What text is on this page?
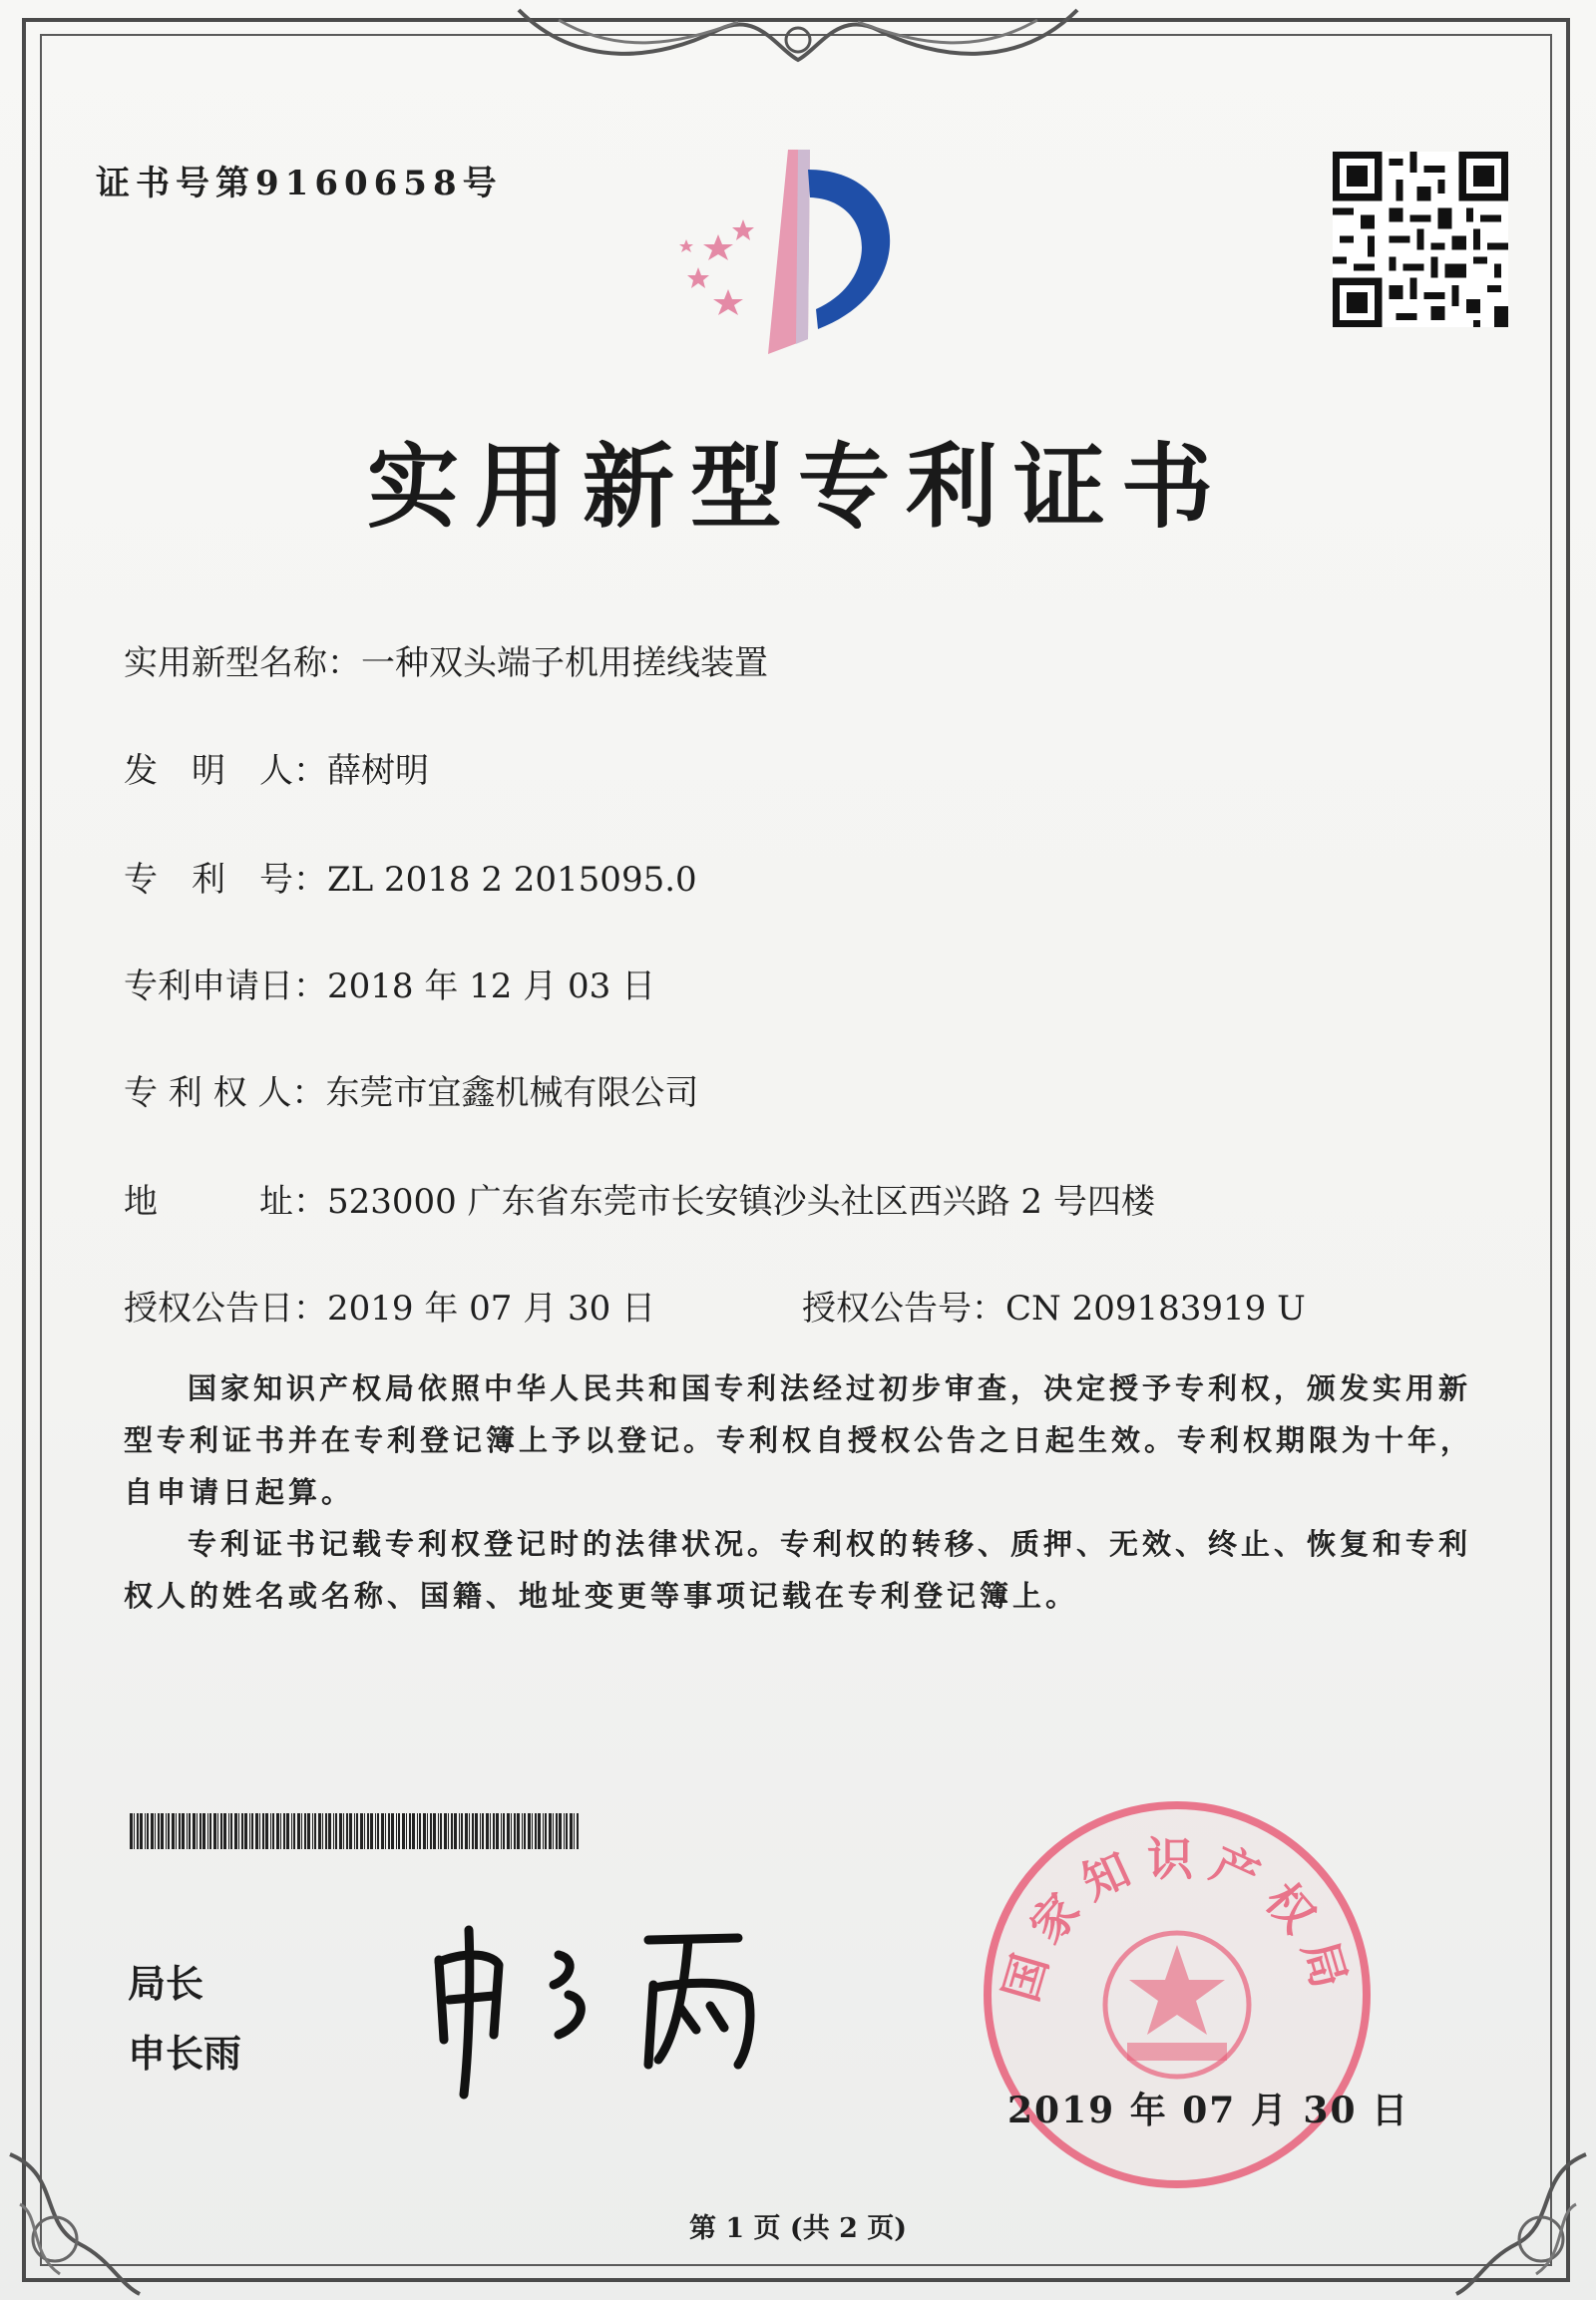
证书号第9160658号
实用新型专利证书
实用新型名称：一种双头端子机用搓线装置
发　明　人：薛树明
专　利　号：ZL 2018 2 2015095.0
专利申请日：2018 年 12 月 03 日
专 利 权 人：东莞市宜鑫机械有限公司
地　　　址：523000 广东省东莞市长安镇沙头社区西兴路 2 号四楼
授权公告日：2019 年 07 月 30 日	授权公告号：CN 209183919 U
国家知识产权局依照中华人民共和国专利法经过初步审查，决定授予专利权，颁发实用新型专利证书并在专利登记簿上予以登记。专利权自授权公告之日起生效。专利权期限为十年，自申请日起算。
专利证书记载专利权登记时的法律状况。专利权的转移、质押、无效、终止、恢复和专利权人的姓名或名称、国籍、地址变更等事项记载在专利登记簿上。
局长
申长雨
国家知识产权局
2019 年 07 月 30 日
第 1 页 (共 2 页)
